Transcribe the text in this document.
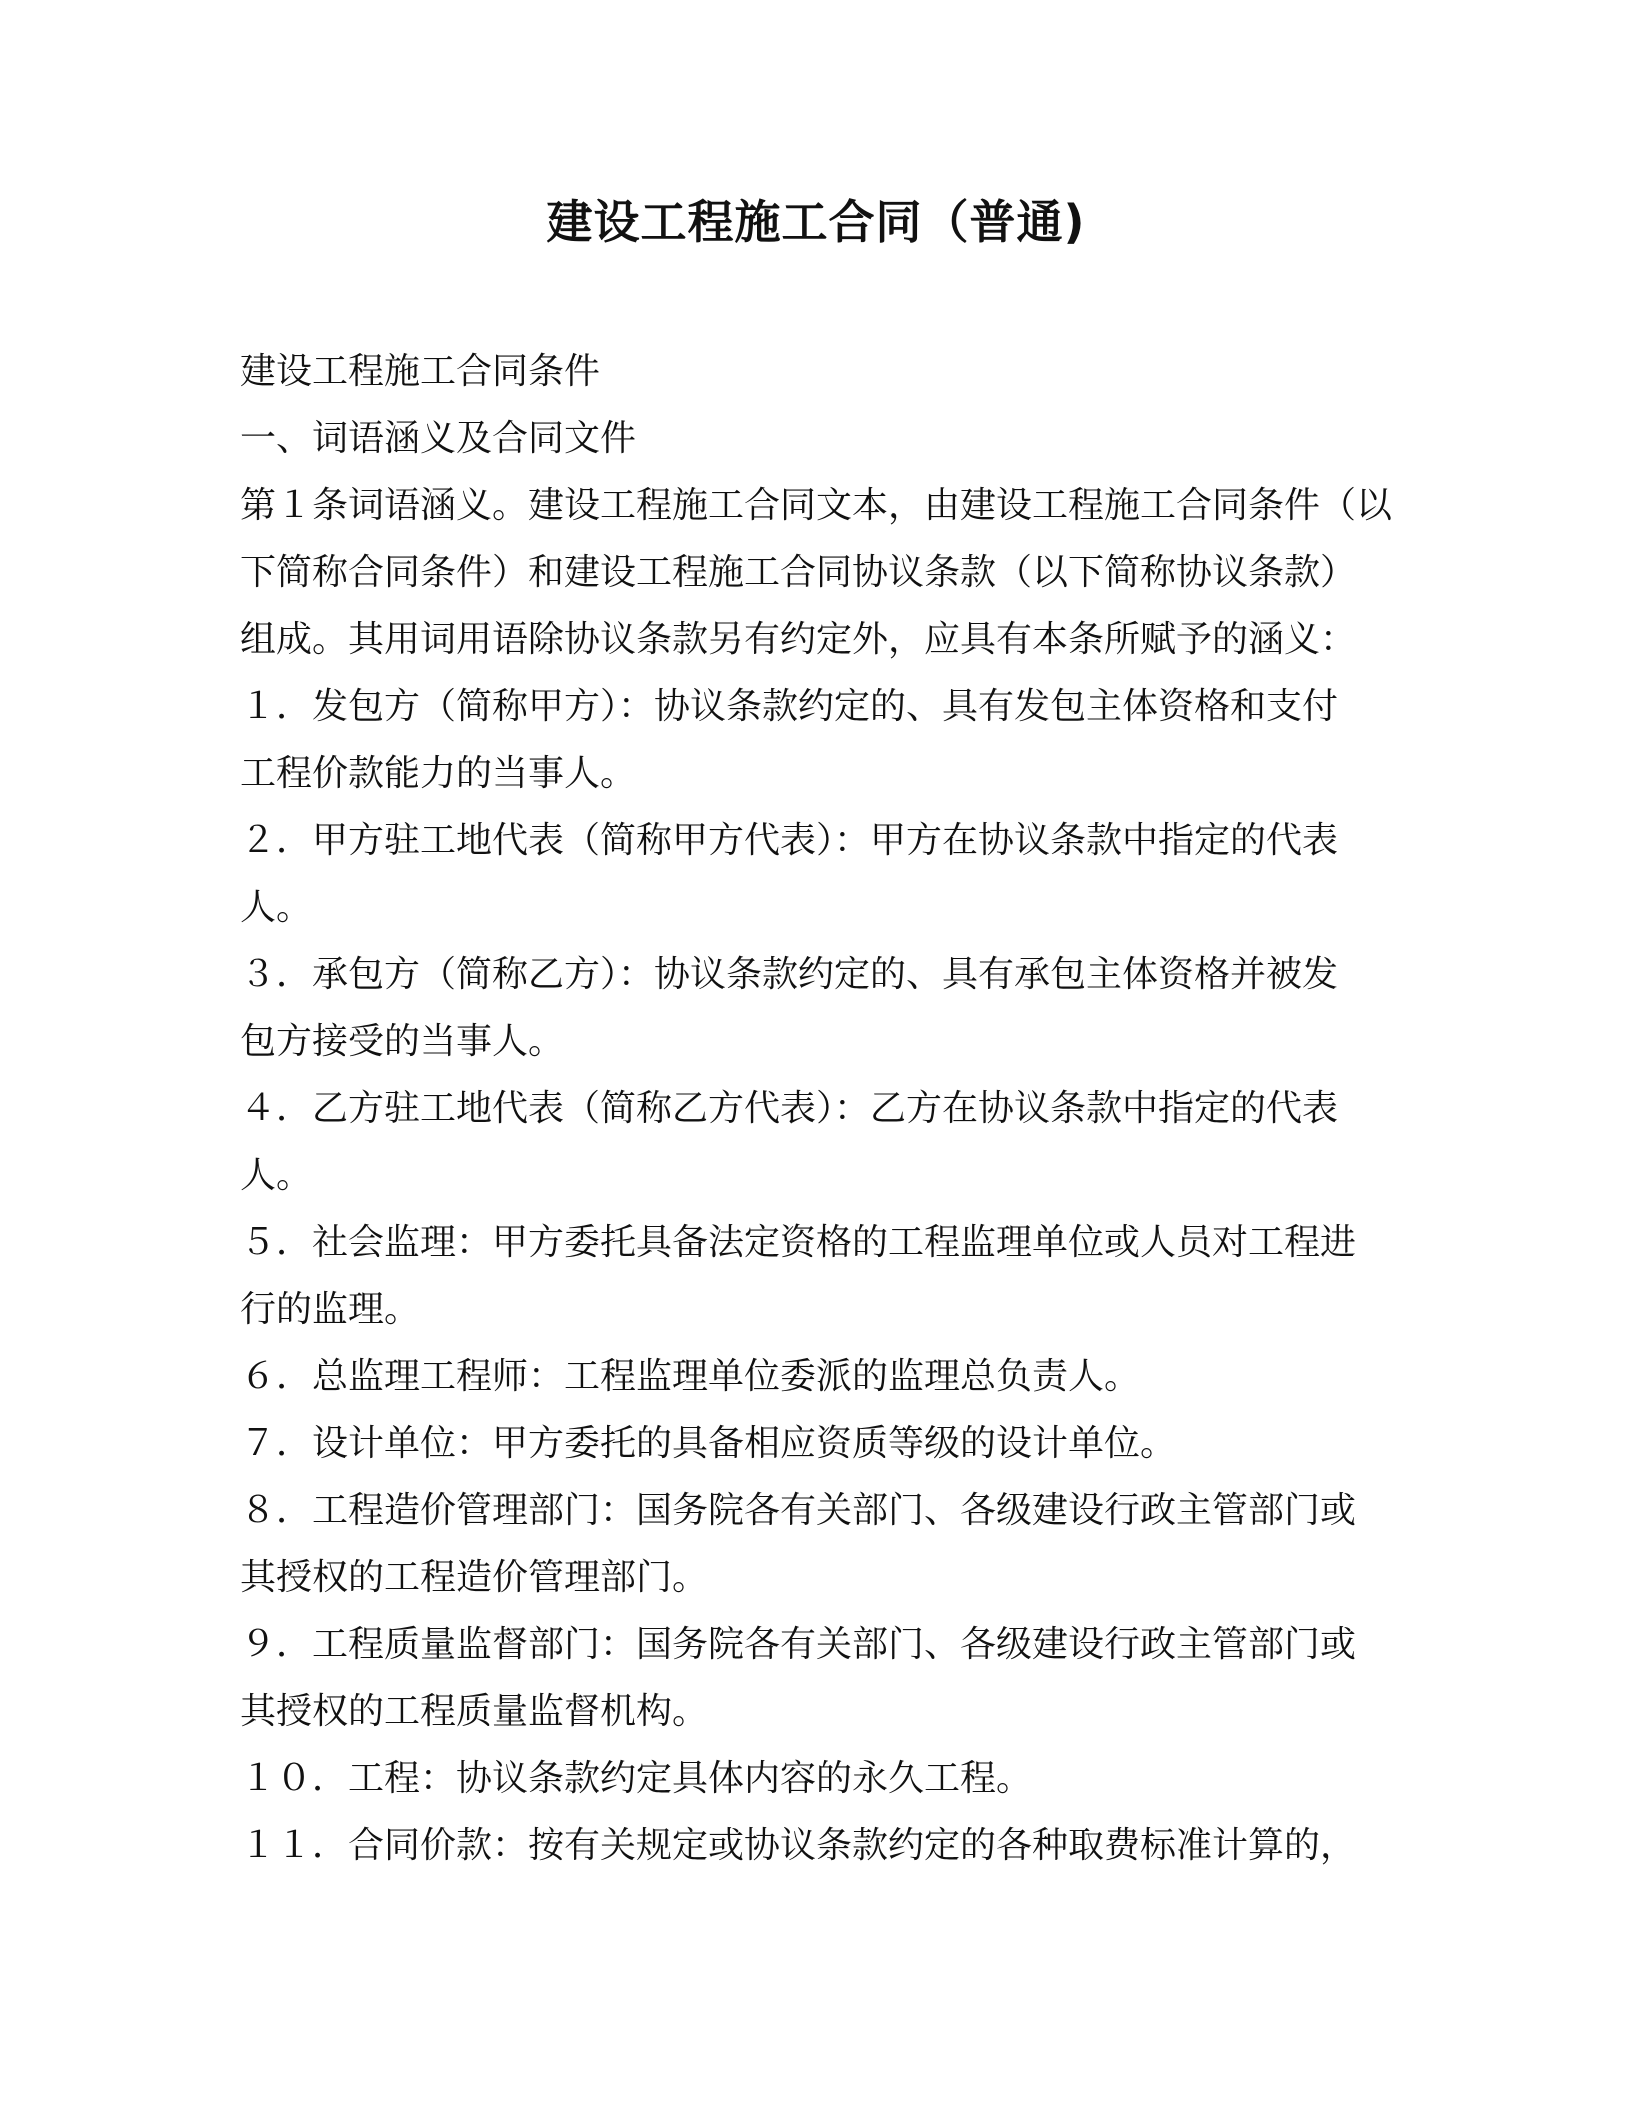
建设工程施工合同（普通)

建设工程施工合同条件

一、词语涵义及合同文件

第１条词语涵义。建设工程施工合同文本，由建设工程施工合同条件（以

下简称合同条件）和建设工程施工合同协议条款（以下简称协议条款）

组成。其用词用语除协议条款另有约定外，应具有本条所赋予的涵义：

１．发包方（简称甲方）：协议条款约定的、具有发包主体资格和支付

工程价款能力的当事人。

２．甲方驻工地代表（简称甲方代表）：甲方在协议条款中指定的代表

人。

３．承包方（简称乙方）：协议条款约定的、具有承包主体资格并被发

包方接受的当事人。

４．乙方驻工地代表（简称乙方代表）：乙方在协议条款中指定的代表

人。

５．社会监理：甲方委托具备法定资格的工程监理单位或人员对工程进

行的监理。

６．总监理工程师：工程监理单位委派的监理总负责人。

７．设计单位：甲方委托的具备相应资质等级的设计单位。

８．工程造价管理部门：国务院各有关部门、各级建设行政主管部门或

其授权的工程造价管理部门。

９．工程质量监督部门：国务院各有关部门、各级建设行政主管部门或

其授权的工程质量监督机构。

１０．工程：协议条款约定具体内容的永久工程。

１１．合同价款：按有关规定或协议条款约定的各种取费标准计算的，
